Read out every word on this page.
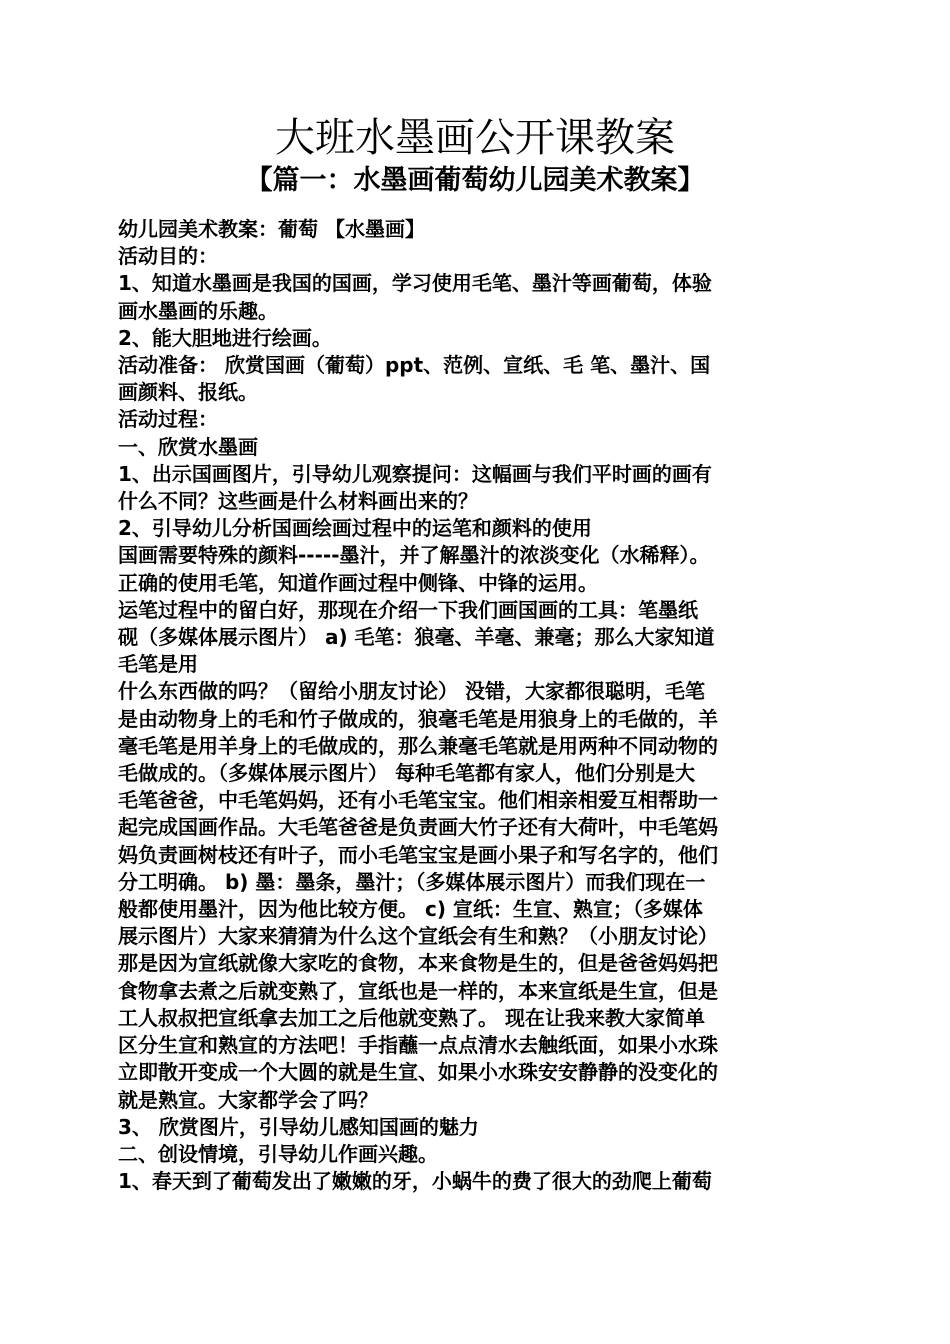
大班水墨画公开课教案
【篇一：水墨画葡萄幼儿园美术教案】
幼儿园美术教案：葡萄 【水墨画】
活动目的：
1、知道水墨画是我国的国画，学习使用毛笔、墨汁等画葡萄，体验
画水墨画的乐趣。
2、能大胆地进行绘画。
活动准备： 欣赏国画（葡萄）ppt、范例、宣纸、毛 笔、墨汁、国
画颜料、报纸。
活动过程：
一、欣赏水墨画
1、出示国画图片，引导幼儿观察提问：这幅画与我们平时画的画有
什么不同？这些画是什么材料画出来的？
2、引导幼儿分析国画绘画过程中的运笔和颜料的使用
国画需要特殊的颜料-----墨汁，并了解墨汁的浓淡变化（水稀释）。
正确的使用毛笔，知道作画过程中侧锋、中锋的运用。
运笔过程中的留白好，那现在介绍一下我们画国画的工具：笔墨纸
砚（多媒体展示图片） a) 毛笔：狼毫、羊毫、兼毫；那么大家知道
毛笔是用
什么东西做的吗？（留给小朋友讨论） 没错，大家都很聪明，毛笔
是由动物身上的毛和竹子做成的，狼毫毛笔是用狼身上的毛做的，羊
毫毛笔是用羊身上的毛做成的，那么兼毫毛笔就是用两种不同动物的
毛做成的。（多媒体展示图片） 每种毛笔都有家人，他们分别是大
毛笔爸爸，中毛笔妈妈，还有小毛笔宝宝。他们相亲相爱互相帮助一
起完成国画作品。大毛笔爸爸是负责画大竹子还有大荷叶，中毛笔妈
妈负责画树枝还有叶子，而小毛笔宝宝是画小果子和写名字的，他们
分工明确。 b) 墨：墨条，墨汁；（多媒体展示图片）而我们现在一
般都使用墨汁，因为他比较方便。 c) 宣纸：生宣、熟宣；（多媒体
展示图片）大家来猜猜为什么这个宣纸会有生和熟？（小朋友讨论）
那是因为宣纸就像大家吃的食物，本来食物是生的，但是爸爸妈妈把
食物拿去煮之后就变熟了，宣纸也是一样的，本来宣纸是生宣，但是
工人叔叔把宣纸拿去加工之后他就变熟了。 现在让我来教大家简单
区分生宣和熟宣的方法吧！手指蘸一点点清水去触纸面，如果小水珠
立即散开变成一个大圆的就是生宣、如果小水珠安安静静的没变化的
就是熟宣。大家都学会了吗？
3、 欣赏图片，引导幼儿感知国画的魅力
二、创设情境，引导幼儿作画兴趣。
1、春天到了葡萄发出了嫩嫩的牙，小蜗牛的费了很大的劲爬上葡萄
